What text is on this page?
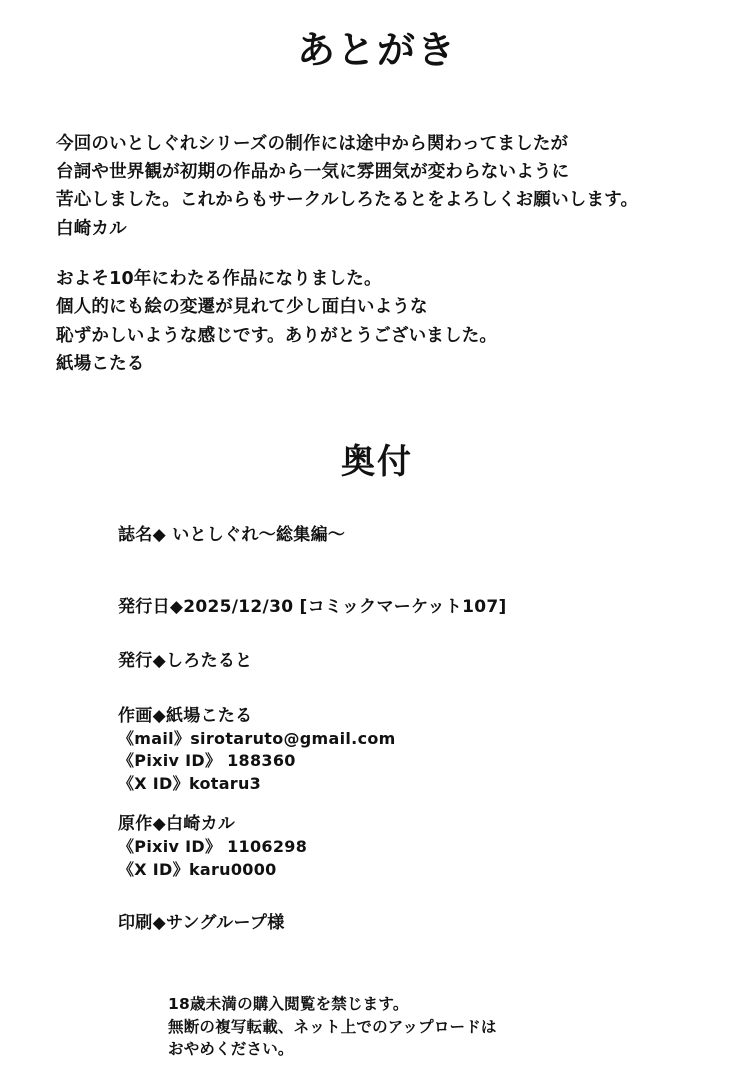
あとがき

今回のいとしぐれシリーズの制作には途中から関わってましたが

台詞や世界観が初期の作品から一気に雰囲気が変わらないように

苦心しました。これからもサークルしろたるとをよろしくお願いします。

白崎カル

およそ10年にわたる作品になりました。

個人的にも絵の変遷が見れて少し面白いような

恥ずかしいような感じです。ありがとうございました。

紙場こたる

奥付
誌名◆ いとしぐれ〜総集編〜
発行日◆2025/12/30 [コミックマーケット107]
発行◆しろたると
作画◆紙場こたる
《mail》sirotaruto@gmail.com
《Pixiv ID》 188360
《X ID》kotaru3
原作◆白崎カル
《Pixiv ID》 1106298
《X ID》karu0000
印刷◆サングループ様
18歳未満の購入閲覧を禁じます。
無断の複写転載、ネット上でのアップロードは
おやめください。
